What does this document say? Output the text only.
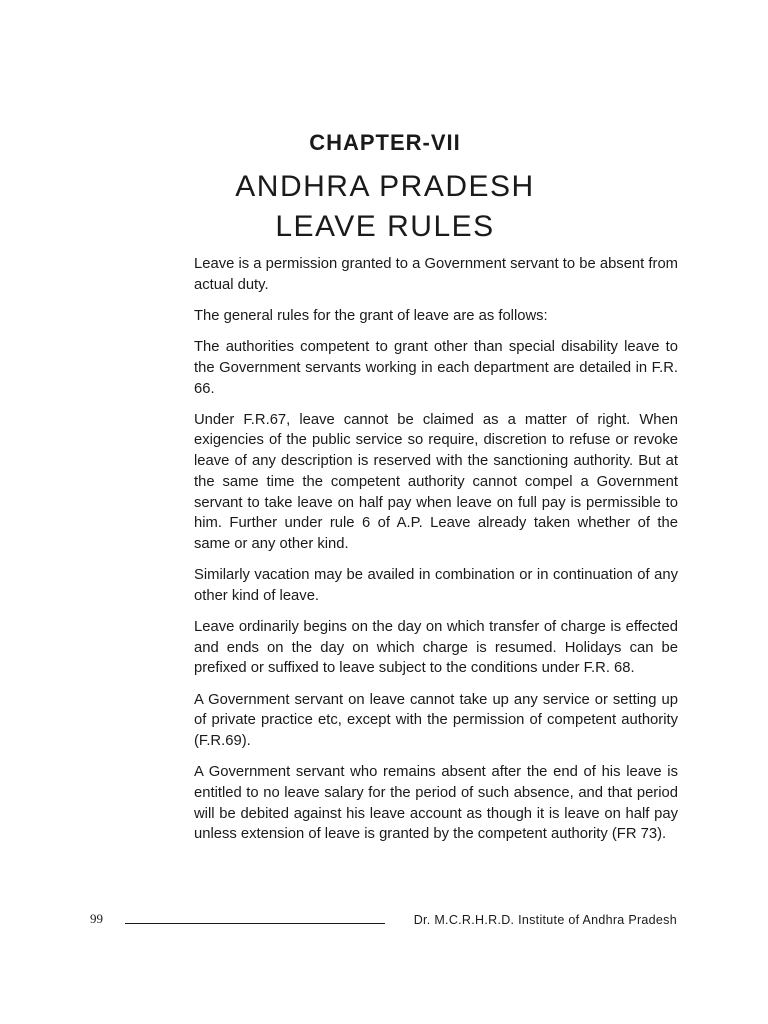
CHAPTER-VII
ANDHRA PRADESH
LEAVE RULES

Leave is a permission granted to a Government servant to be absent from actual duty.

The general rules for the grant of leave are as follows:

The authorities competent to grant other than special disability leave to the Government servants working in each department are detailed in F.R. 66.

Under F.R.67, leave cannot be claimed as a matter of right. When exigencies of the public service so require, discretion to refuse or revoke leave of any description is reserved with the sanctioning authority. But at the same time the competent authority cannot compel a Government servant to take leave on half pay when leave on full pay is permissible to him. Further under rule 6 of A.P. Leave already taken whether of the same or any other kind.

Similarly vacation may be availed in combination or in continuation of any other kind of leave.

Leave ordinarily begins on the day on which transfer of charge is effected and ends on the day on which charge is resumed. Holidays can be prefixed or suffixed to leave subject to the conditions under F.R. 68.

A Government servant on leave cannot take up any service or setting up of private practice etc, except with the permission of competent authority (F.R.69).

A Government servant who remains absent after the end of his leave is entitled to no leave salary for the period of such absence, and that period will be debited against his leave account as though it is leave on half pay unless extension of leave is granted by the competent authority (FR 73).

99	Dr. M.C.R.H.R.D. Institute of Andhra Pradesh
